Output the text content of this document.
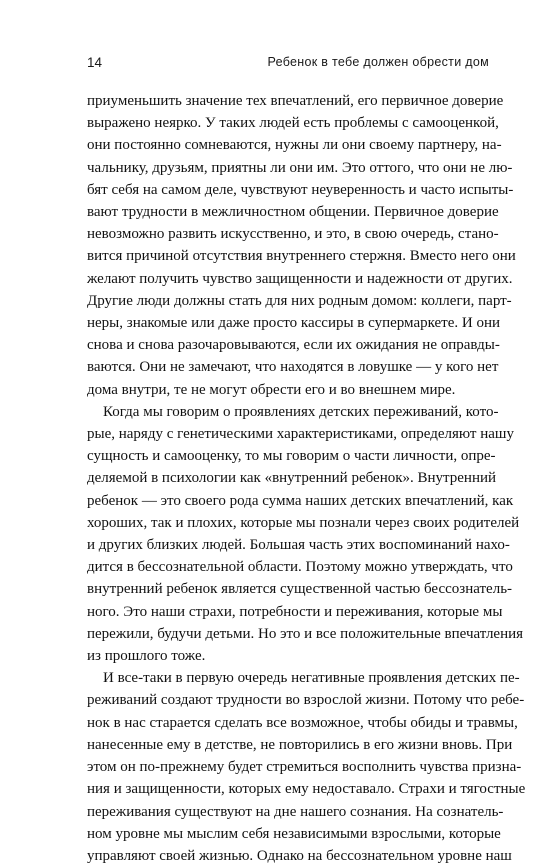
14	Ребенок в тебе должен обрести дом

приуменьшить значение тех впечатлений, его первичное доверие
выражено неярко. У таких людей есть проблемы с самооценкой,
они постоянно сомневаются, нужны ли они своему партнеру, на-
чальнику, друзьям, приятны ли они им. Это оттого, что они не лю-
бят себя на самом деле, чувствуют неуверенность и часто испыты-
вают трудности в межличностном общении. Первичное доверие
невозможно развить искусственно, и это, в свою очередь, стано-
вится причиной отсутствия внутреннего стержня. Вместо него они
желают получить чувство защищенности и надежности от других.
Другие люди должны стать для них родным домом: коллеги, парт-
неры, знакомые или даже просто кассиры в супермаркете. И они
снова и снова разочаровываются, если их ожидания не оправды-
ваются. Они не замечают, что находятся в ловушке — у кого нет
дома внутри, те не могут обрести его и во внешнем мире.

Когда мы говорим о проявлениях детских переживаний, кото-
рые, наряду с генетическими характеристиками, определяют нашу
сущность и самооценку, то мы говорим о части личности, опре-
деляемой в психологии как «внутренний ребенок». Внутренний
ребенок — это своего рода сумма наших детских впечатлений, как
хороших, так и плохих, которые мы познали через своих родителей
и других близких людей. Большая часть этих воспоминаний нахо-
дится в бессознательной области. Поэтому можно утверждать, что
внутренний ребенок является существенной частью бессознатель-
ного. Это наши страхи, потребности и переживания, которые мы
пережили, будучи детьми. Но это и все положительные впечатления
из прошлого тоже.

И все-таки в первую очередь негативные проявления детских пе-
реживаний создают трудности во взрослой жизни. Потому что ребе-
нок в нас старается сделать все возможное, чтобы обиды и травмы,
нанесенные ему в детстве, не повторились в его жизни вновь. При
этом он по-прежнему будет стремиться восполнить чувства призна-
ния и защищенности, которых ему недоставало. Страхи и тягостные
переживания существуют на дне нашего сознания. На сознатель-
ном уровне мы мыслим себя независимыми взрослыми, которые
управляют своей жизнью. Однако на бессознательном уровне наш
